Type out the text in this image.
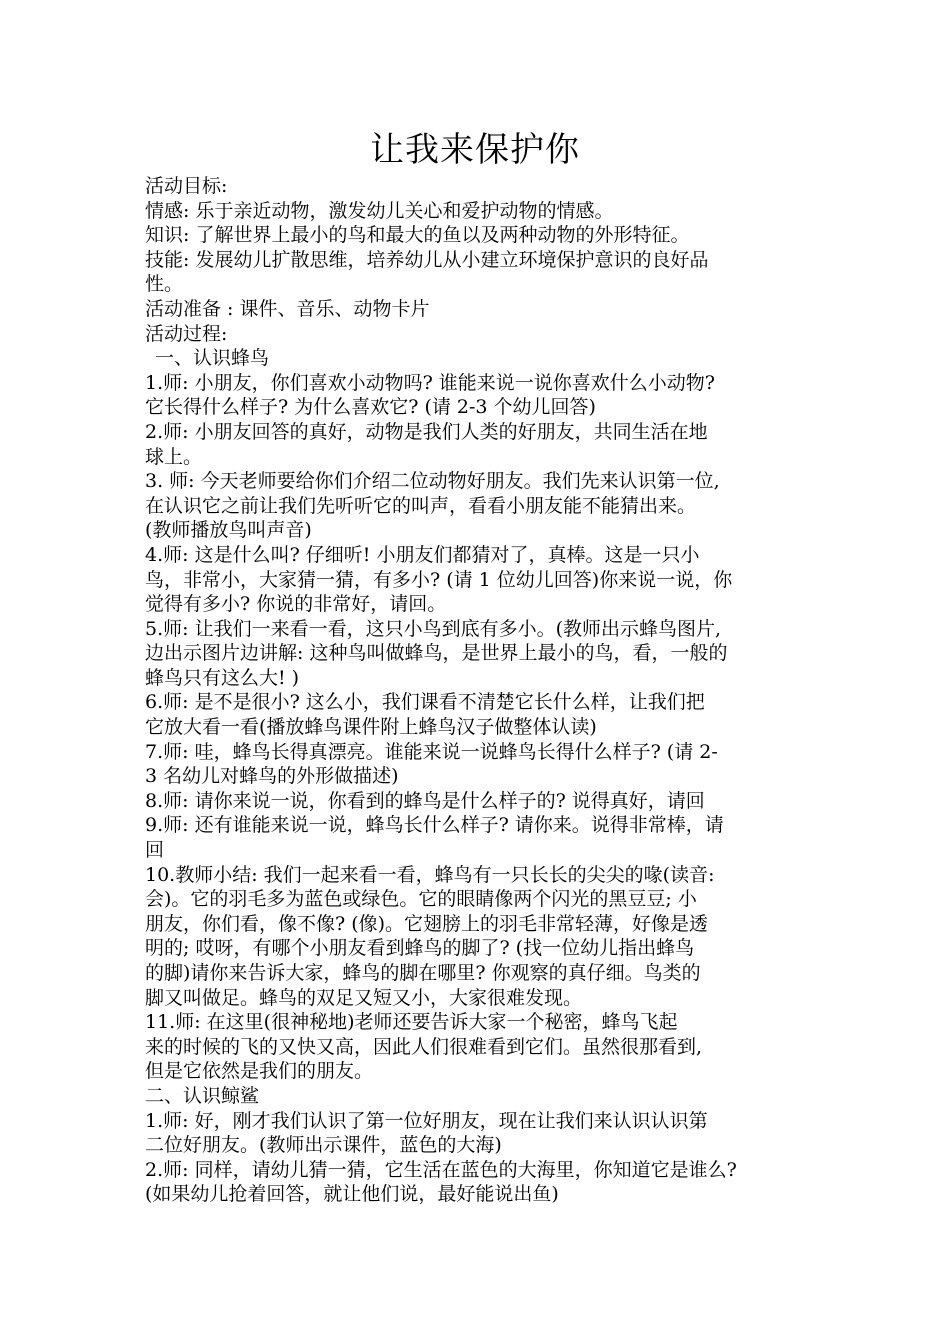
让我来保护你
活动目标:
情感: 乐于亲近动物，激发幼儿关心和爱护动物的情感。
知识: 了解世界上最小的鸟和最大的鱼以及两种动物的外形特征。
技能: 发展幼儿扩散思维，培养幼儿从小建立环境保护意识的良好品
性。
活动准备 : 课件、音乐、动物卡片
活动过程:
一、认识蜂鸟
1.师: 小朋友，你们喜欢小动物吗? 谁能来说一说你喜欢什么小动物?
它长得什么样子? 为什么喜欢它? (请 2-3 个幼儿回答)
2.师: 小朋友回答的真好，动物是我们人类的好朋友，共同生活在地
球上。
3. 师: 今天老师要给你们介绍二位动物好朋友。我们先来认识第一位,
在认识它之前让我们先听听它的叫声，看看小朋友能不能猜出来。
(教师播放鸟叫声音)
4.师: 这是什么叫? 仔细听! 小朋友们都猜对了，真棒。这是一只小
鸟，非常小，大家猜一猜，有多小? (请 1 位幼儿回答)你来说一说，你
觉得有多小? 你说的非常好，请回。
5.师: 让我们一来看一看，这只小鸟到底有多小。(教师出示蜂鸟图片,
边出示图片边讲解: 这种鸟叫做蜂鸟，是世界上最小的鸟，看，一般的
蜂鸟只有这么大! )
6.师: 是不是很小? 这么小，我们课看不清楚它长什么样，让我们把
它放大看一看(播放蜂鸟课件附上蜂鸟汉子做整体认读)
7.师: 哇，蜂鸟长得真漂亮。谁能来说一说蜂鸟长得什么样子? (请 2-
3 名幼儿对蜂鸟的外形做描述)
8.师: 请你来说一说，你看到的蜂鸟是什么样子的? 说得真好，请回
9.师: 还有谁能来说一说，蜂鸟长什么样子? 请你来。说得非常棒，请
回
10.教师小结: 我们一起来看一看，蜂鸟有一只长长的尖尖的喙(读音:
会)。它的羽毛多为蓝色或绿色。它的眼睛像两个闪光的黑豆豆; 小
朋友，你们看，像不像? (像)。它翅膀上的羽毛非常轻薄，好像是透
明的; 哎呀，有哪个小朋友看到蜂鸟的脚了? (找一位幼儿指出蜂鸟
的脚)请你来告诉大家，蜂鸟的脚在哪里? 你观察的真仔细。鸟类的
脚又叫做足。蜂鸟的双足又短又小，大家很难发现。
11.师: 在这里(很神秘地)老师还要告诉大家一个秘密，蜂鸟飞起
来的时候的飞的又快又高，因此人们很难看到它们。虽然很那看到,
但是它依然是我们的朋友。
二、认识鲸鲨
1.师: 好，刚才我们认识了第一位好朋友，现在让我们来认识认识第
二位好朋友。(教师出示课件，蓝色的大海)
2.师: 同样，请幼儿猜一猜，它生活在蓝色的大海里，你知道它是谁么?
(如果幼儿抢着回答，就让他们说，最好能说出鱼)
